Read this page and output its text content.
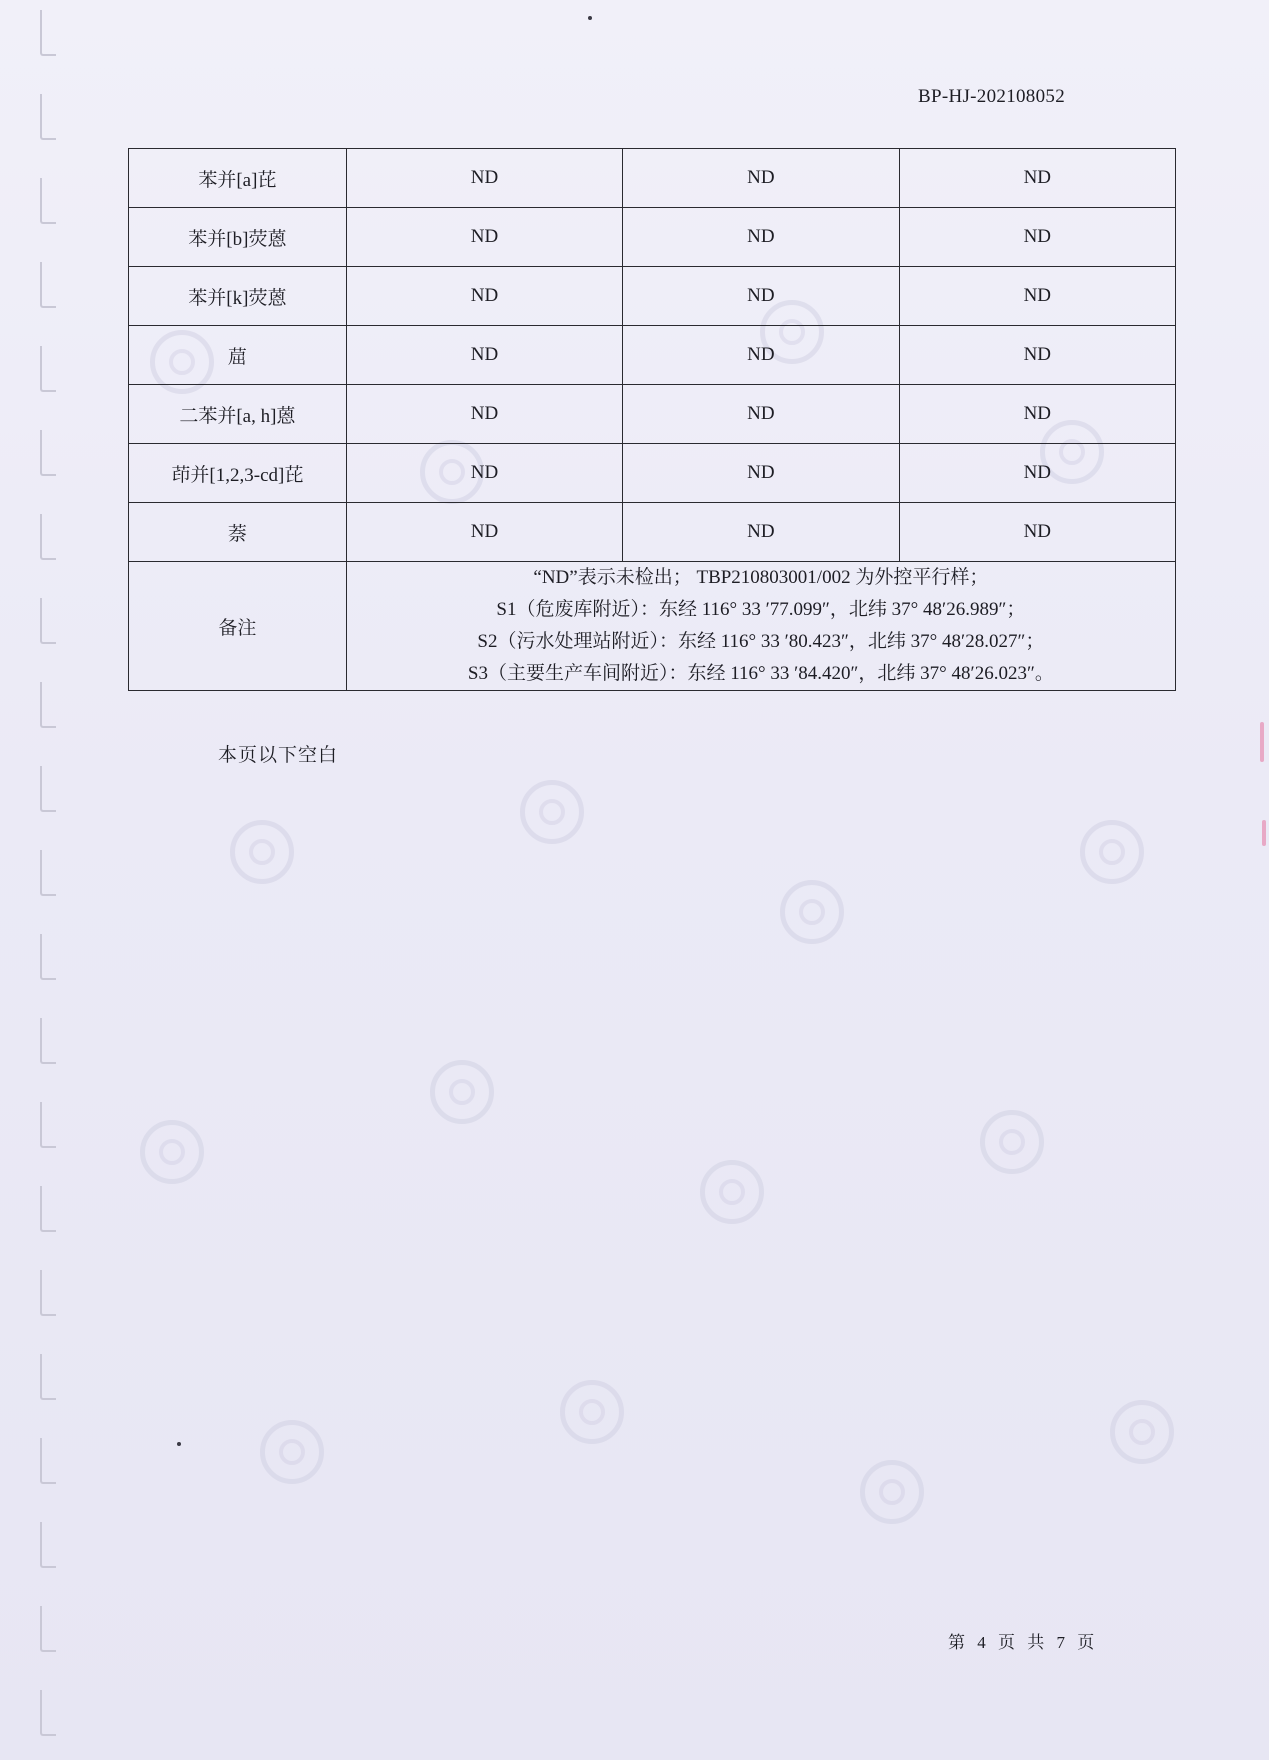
BP-HJ-202108052
苯并[a]芘	ND	ND	ND
苯并[b]荧蒽	ND	ND	ND
苯并[k]荧蒽	ND	ND	ND
䓛	ND	ND	ND
二苯并[a, h]蒽	ND	ND	ND
茚并[1,2,3-cd]芘	ND	ND	ND
萘	ND	ND	ND
备注	“ND”表示未检出； TBP210803001/002 为外控平行样；
S1（危废库附近）：东经 116° 33 ′77.099″，北纬 37° 48′26.989″；
S2（污水处理站附近）：东经 116° 33 ′80.423″，北纬 37° 48′28.027″；
S3（主要生产车间附近）：东经 116° 33 ′84.420″，北纬 37° 48′26.023″。		
本页以下空白
第 4 页 共 7 页
